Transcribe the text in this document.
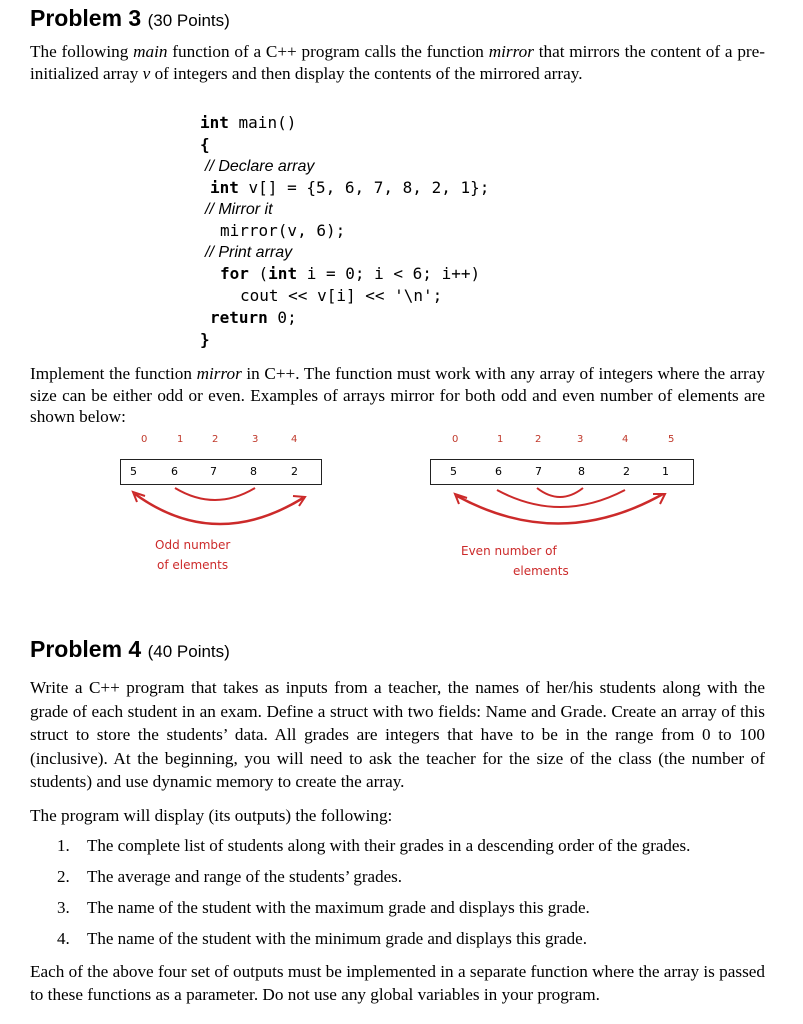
Problem 3 (30 Points)
The following main function of a C++ program calls the function mirror that mirrors the content of a pre-initialized array v of integers and then display the contents of the mirrored array.
int main()
{
// Declare array
int v[] = {5, 6, 7, 8, 2, 1};
// Mirror it
mirror(v, 6);
// Print array
for (int i = 0; i < 6; i++)
cout << v[i] << '\n';
return 0;
}
Implement the function mirror in C++. The function must work with any array of integers where the array size can be either odd or even. Examples of arrays mirror for both odd and even number of elements are shown below:
0	1	2	3	4
5	6	7	8	2
Odd number
of elements
0	1	2	3	4	5
5	6	7	8	2	1
Even number of
elements
Problem 4 (40 Points)
Write a C++ program that takes as inputs from a teacher, the names of her/his students along with the grade of each student in an exam. Define a struct with two fields: Name and Grade. Create an array of this struct to store the students’ data. All grades are integers that have to be in the range from 0 to 100 (inclusive). At the beginning, you will need to ask the teacher for the size of the class (the number of students) and use dynamic memory to create the array.
The program will display (its outputs) the following:
1. The complete list of students along with their grades in a descending order of the grades.
2. The average and range of the students’ grades.
3. The name of the student with the maximum grade and displays this grade.
4. The name of the student with the minimum grade and displays this grade.
Each of the above four set of outputs must be implemented in a separate function where the array is passed to these functions as a parameter. Do not use any global variables in your program.
